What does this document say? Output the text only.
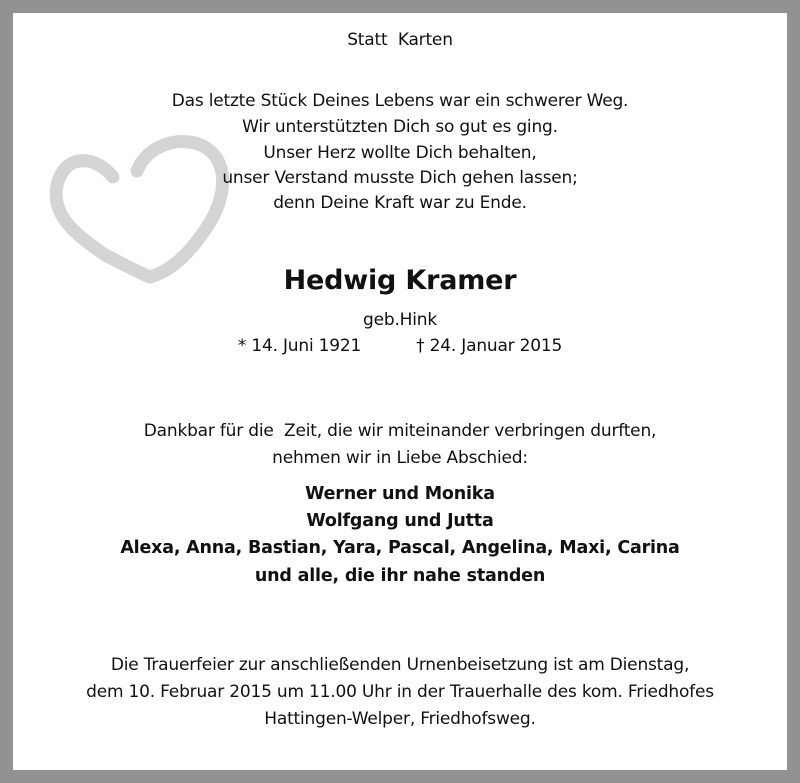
Statt  Karten
Das letzte Stück Deines Lebens war ein schwerer Weg.
Wir unterstützten Dich so gut es ging.
Unser Herz wollte Dich behalten,
unser Verstand musste Dich gehen lassen;
denn Deine Kraft war zu Ende.
Hedwig Kramer
geb.Hink
* 14. Juni 1921	† 24. Januar 2015
Dankbar für die  Zeit, die wir miteinander verbringen durften,
nehmen wir in Liebe Abschied:
Werner und Monika
Wolfgang und Jutta
Alexa, Anna, Bastian, Yara, Pascal, Angelina, Maxi, Carina
und alle, die ihr nahe standen
Die Trauerfeier zur anschließenden Urnenbeisetzung ist am Dienstag,
dem 10. Februar 2015 um 11.00 Uhr in der Trauerhalle des kom. Friedhofes
Hattingen-Welper, Friedhofsweg.
